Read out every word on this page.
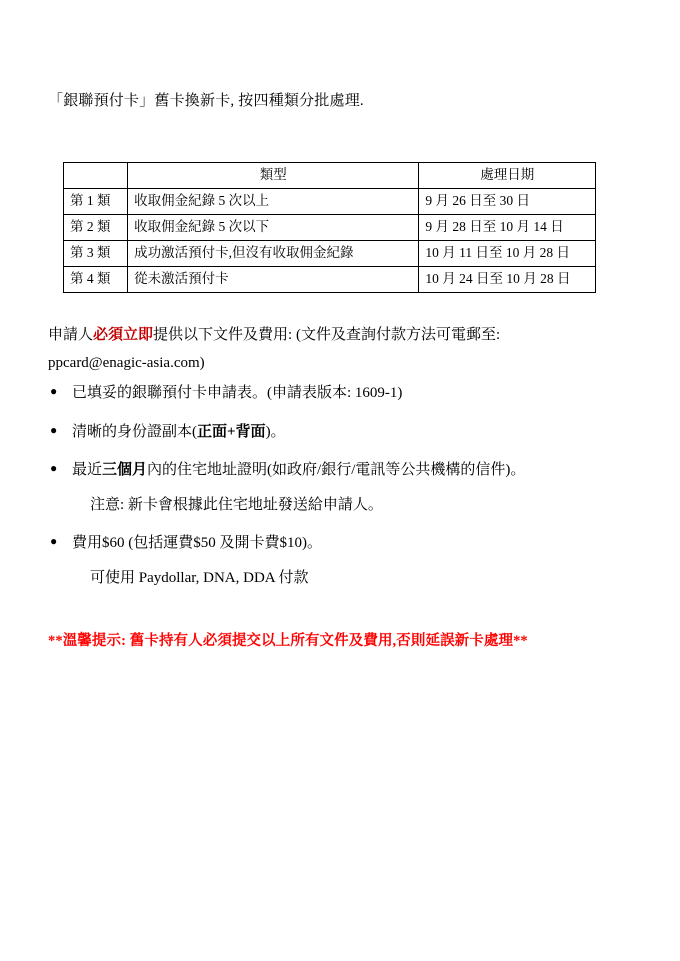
「銀聯預付卡」舊卡換新卡, 按四種類分批處理.
	類型	處理日期
第 1 類	收取佣金紀錄 5 次以上	9 月 26 日至 30 日
第 2 類	收取佣金紀錄 5 次以下	9 月 28 日至 10 月 14 日
第 3 類	成功激活預付卡,但沒有收取佣金紀錄	10 月 11 日至 10 月 28 日
第 4 類	從未激活預付卡	10 月 24 日至 10 月 28 日
申請人必須立即提供以下文件及費用: (文件及查詢付款方法可電郵至:
ppcard@enagic-asia.com)
● 已填妥的銀聯預付卡申請表。(申請表版本: 1609-1)
● 清晰的身份證副本(正面+背面)。
● 最近三個月內的住宅地址證明(如政府/銀行/電訊等公共機構的信件)。
注意: 新卡會根據此住宅地址發送給申請人。
● 費用$60 (包括運費$50 及開卡費$10)。
可使用 Paydollar, DNA, DDA 付款
**溫馨提示: 舊卡持有人必須提交以上所有文件及費用,否則延誤新卡處理**
